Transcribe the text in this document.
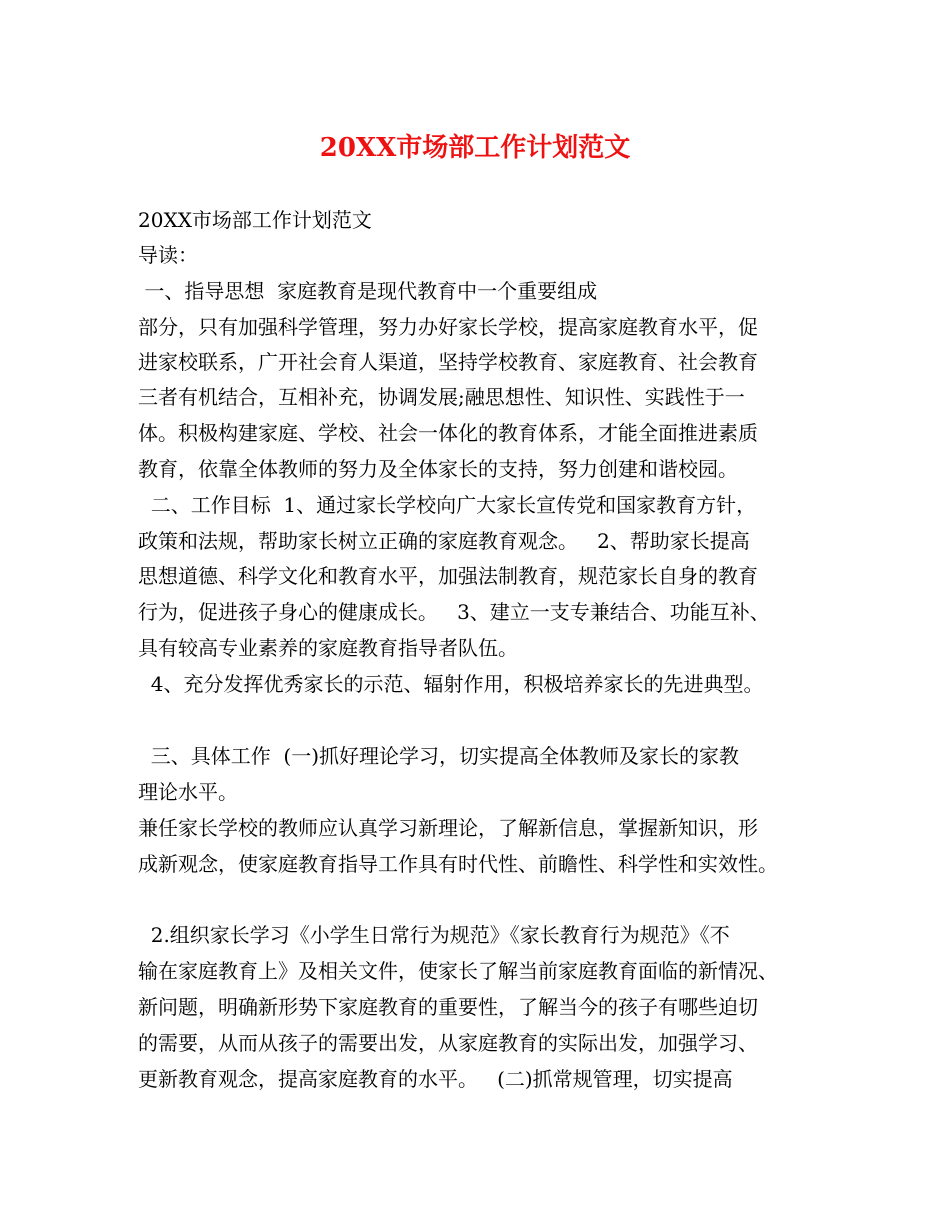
20XX市场部工作计划范文
20XX市场部工作计划范文
导读：
一、指导思想  家庭教育是现代教育中一个重要组成
部分，只有加强科学管理，努力办好家长学校，提高家庭教育水平，促
进家校联系，广开社会育人渠道，坚持学校教育、家庭教育、社会教育
三者有机结合，互相补充，协调发展;融思想性、知识性、实践性于一
体。积极构建家庭、学校、社会一体化的教育体系，才能全面推进素质
教育，依靠全体教师的努力及全体家长的支持，努力创建和谐校园。
二、工作目标  1、通过家长学校向广大家长宣传党和国家教育方针，
政策和法规，帮助家长树立正确的家庭教育观念。   2、帮助家长提高
思想道德、科学文化和教育水平，加强法制教育，规范家长自身的教育
行为，促进孩子身心的健康成长。   3、建立一支专兼结合、功能互补、
具有较高专业素养的家庭教育指导者队伍。
4、充分发挥优秀家长的示范、辐射作用，积极培养家长的先进典型。
三、具体工作  (一)抓好理论学习，切实提高全体教师及家长的家教
理论水平。
兼任家长学校的教师应认真学习新理论，了解新信息，掌握新知识，形
成新观念，使家庭教育指导工作具有时代性、前瞻性、科学性和实效性。
2.组织家长学习《小学生日常行为规范》《家长教育行为规范》《不
输在家庭教育上》及相关文件，使家长了解当前家庭教育面临的新情况、
新问题，明确新形势下家庭教育的重要性，了解当今的孩子有哪些迫切
的需要，从而从孩子的需要出发，从家庭教育的实际出发，加强学习、
更新教育观念，提高家庭教育的水平。   (二)抓常规管理，切实提高
